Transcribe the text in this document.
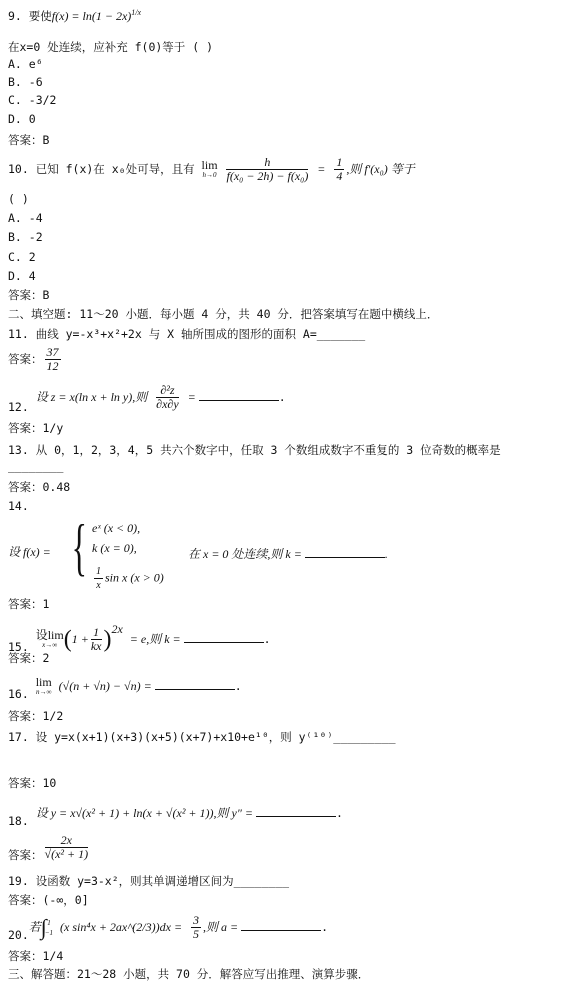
9. 要使$f(x) = \ln(1 - 2x)^{1/x}$
在x=0 处连续，应补充 f(0)等于 ( )
A. e⁶
B. -6
C. -3/2
D. 0
答案：B
10. 已知 f(x)在 x₀处可导，且有 lim
h→0
$\frac{h}{\text{f(x₀ − 2h) − f(x₀)}} = \frac{1}{4}$ ,则 f′(x₀) 等于
( )
A. -4
B. -2
C. 2
D. 4
答案：B
二、填空题: 11～20 小题．每小题 4 分，共 40 分．把答案填写在题中横线上．
11. 曲线 y=-x³+x²+2x 与 X 轴所围成的图形的面积 A=_______
答案： $\frac{37}{12}$
12. 设 z = x(ln x + ln y),则 $\frac{\text{∂²z}}{\partial x\partial y}$ =	.
答案：1/y
13. 从 0，1，2，3，4，5 共六个数字中，任取 3 个数组成数字不重复的 3 位奇数的概率是
________
答案：0.48
14.
设 f(x) = { eˣ (x < 0),
k (x = 0),
$\frac{1}{x}$ sin x (x > 0)
在 x = 0 处连续,则 k =	.
答案：1
15. 设lim
x→∞ $(1 + \frac{1}{kx} )^{2x} = e$,则 k =	.
答案：2
16. lim
n→∞ (√(n + √n) − √n) =	.
答案：1/2
17. 设 y=x(x+1)(x+3)(x+5)(x+7)+x10+e¹⁰，则 y⁽¹⁰⁾_________
答案：10
18. 设 y = x√(x² + 1) + ln(x + √(x² + 1)),则 y″ =	.
答案： $\frac{2x}{\text{√(x² + 1)}}$
19. 设函数 y=3-x²，则其单调递增区间为________
答案：(-∞，0]
20.若∫ 1
−1 (x sin⁴x + 2ax^(2/3))dx = $\frac{3}{5}$ ,则 a =	.
答案：1/4
三、解答题：21～28 小题，共 70 分．解答应写出推理、演算步骤．
